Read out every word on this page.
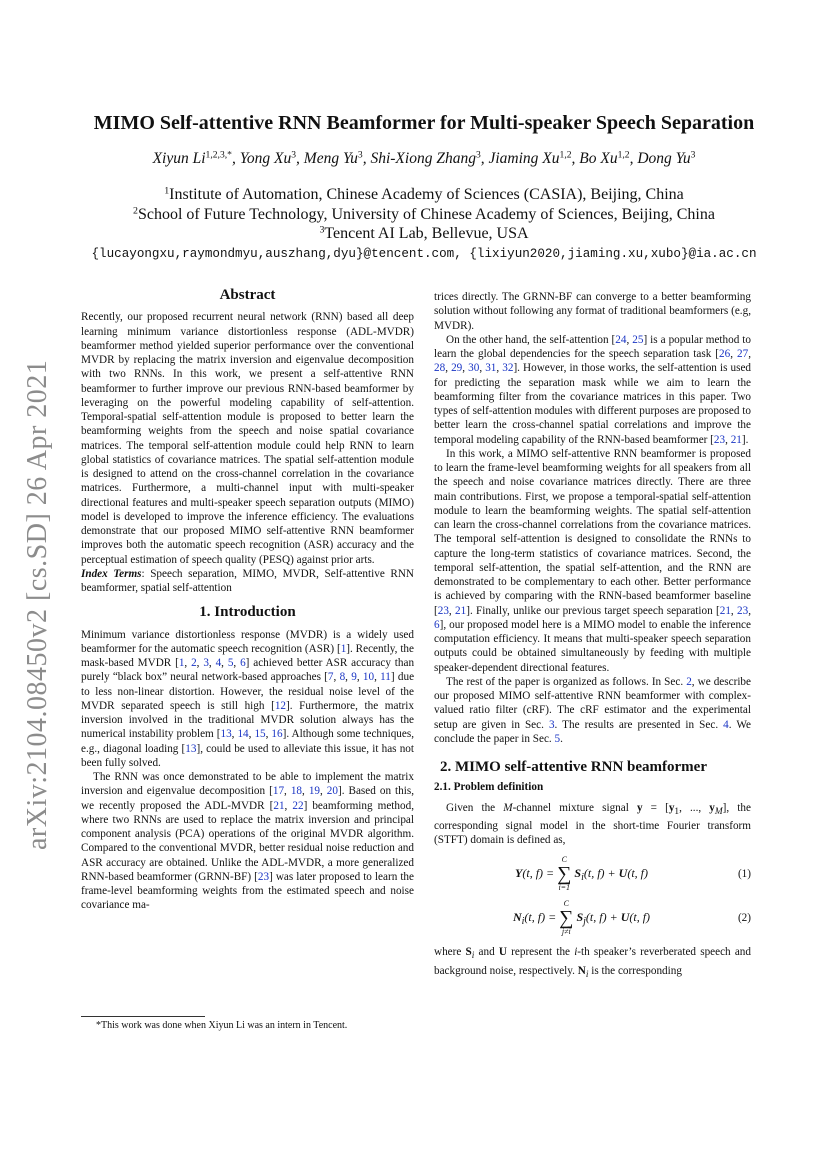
arXiv:2104.08450v2 [cs.SD] 26 Apr 2021
MIMO Self-attentive RNN Beamformer for Multi-speaker Speech Separation
Xiyun $Li^{1,2,3,*}$, Yong Xu$^3$, Meng Yu$^3$, Shi-Xiong Zhang$^3$, Jiaming Xu$^{1,2}$, Bo Xu$^{1,2}$, Dong Yu$^3$
$^1$Institute of Automation, Chinese Academy of Sciences (CASIA), Beijing, China
$^2$School of Future Technology, University of Chinese Academy of Sciences, Beijing, China
$^3$Tencent AI Lab, Bellevue, USA
{lucayongxu,raymondmyu,auszhang,dyu}@tencent.com, {lixiyun2020,jiaming.xu,xubo}@ia.ac.cn
Abstract

Recently, our proposed recurrent neural network (RNN) based all deep learning minimum variance distortionless response (ADL-MVDR) beamformer method yielded superior performance over the conventional MVDR by replacing the matrix inversion and eigenvalue decomposition with two RNNs. In this work, we present a self-attentive RNN beamformer to further improve our previous RNN-based beamformer by leveraging on the powerful modeling capability of self-attention. Temporal-spatial self-attention module is proposed to better learn the beamforming weights from the speech and noise spatial covariance matrices. The temporal self-attention module could help RNN to learn global statistics of covariance matrices. The spatial self-attention module is designed to attend on the cross-channel correlation in the covariance matrices. Furthermore, a multi-channel input with multi-speaker directional features and multi-speaker speech separation outputs (MIMO) model is developed to improve the inference efficiency. The evaluations demonstrate that our proposed MIMO self-attentive RNN beamformer improves both the automatic speech recognition (ASR) accuracy and the perceptual estimation of speech quality (PESQ) against prior arts.

Index Terms: Speech separation, MIMO, MVDR, Self-attentive RNN beamformer, spatial self-attention

1. Introduction

Minimum variance distortionless response (MVDR) is a widely used beamformer for the automatic speech recognition (ASR) [1]. Recently, the mask-based MVDR [1, 2, 3, 4, 5, 6] achieved better ASR accuracy than purely “black box” neural network-based approaches [7, 8, 9, 10, 11] due to less non-linear distortion. However, the residual noise level of the MVDR separated speech is still high [12]. Furthermore, the matrix inversion involved in the traditional MVDR solution always has the numerical instability problem [13, 14, 15, 16]. Although some techniques, e.g., diagonal loading [13], could be used to alleviate this issue, it has not been fully solved.

The RNN was once demonstrated to be able to implement the matrix inversion and eigenvalue decomposition [17, 18, 19, 20]. Based on this, we recently proposed the ADL-MVDR [21, 22] beamforming method, where two RNNs are used to replace the matrix inversion and principal component analysis (PCA) operations of the original MVDR algorithm. Compared to the conventional MVDR, better residual noise reduction and ASR accuracy are obtained. Unlike the ADL-MVDR, a more generalized RNN-based beamformer (GRNN-BF) [23] was later proposed to learn the frame-level beamforming weights from the estimated speech and noise covariance ma-

trices directly. The GRNN-BF can converge to a better beamforming solution without following any format of traditional beamformers (e.g, MVDR).

On the other hand, the self-attention [24, 25] is a popular method to learn the global dependencies for the speech separation task [26, 27, 28, 29, 30, 31, 32]. However, in those works, the self-attention is used for predicting the separation mask while we aim to learn the beamforming filter from the covariance matrices in this paper. Two types of self-attention modules with different purposes are proposed to better learn the cross-channel spatial correlations and improve the temporal modeling capability of the RNN-based beamformer [23, 21].

In this work, a MIMO self-attentive RNN beamformer is proposed to learn the frame-level beamforming weights for all speakers from all the speech and noise covariance matrices directly. There are three main contributions. First, we propose a temporal-spatial self-attention module to learn the beamforming weights. The spatial self-attention can learn the cross-channel correlations from the covariance matrices. The temporal self-attention is designed to consolidate the RNNs to capture the long-term statistics of covariance matrices. Second, the temporal self-attention, the spatial self-attention, and the RNN are demonstrated to be complementary to each other. Better performance is achieved by comparing with the RNN-based beamformer baseline [23, 21]. Finally, unlike our previous target speech separation [21, 23, 6], our proposed model here is a MIMO model to enable the inference computation efficiency. It means that multi-speaker speech separation outputs could be obtained simultaneously by feeding with multiple speaker-dependent directional features.

The rest of the paper is organized as follows. In Sec. 2, we describe our proposed MIMO self-attentive RNN beamformer with complex-valued ratio filter (cRF). The cRF estimator and the experimental setup are given in Sec. 3. The results are presented in Sec. 4. We conclude the paper in Sec. 5.

2. MIMO self-attentive RNN beamformer
2.1. Problem definition

Given the M-channel mixture signal $y = [y_1$, ..., $y_M$], the corresponding signal model in the short-time Fourier transform (STFT) domain is defined as,

Y(t, f) =
C
∑
i=1
$S_i(t$, f) + U(t, f)	(1)
$N_i(t$, f) =
C
∑
j≠i
$S_j(t$, f) + U(t, f)	(2)

where $S_i$ and U represent the i-th speaker’s reverberated speech and background noise, respectively. $N_i$ is the corresponding

*This work was done when Xiyun Li was an intern in Tencent.
